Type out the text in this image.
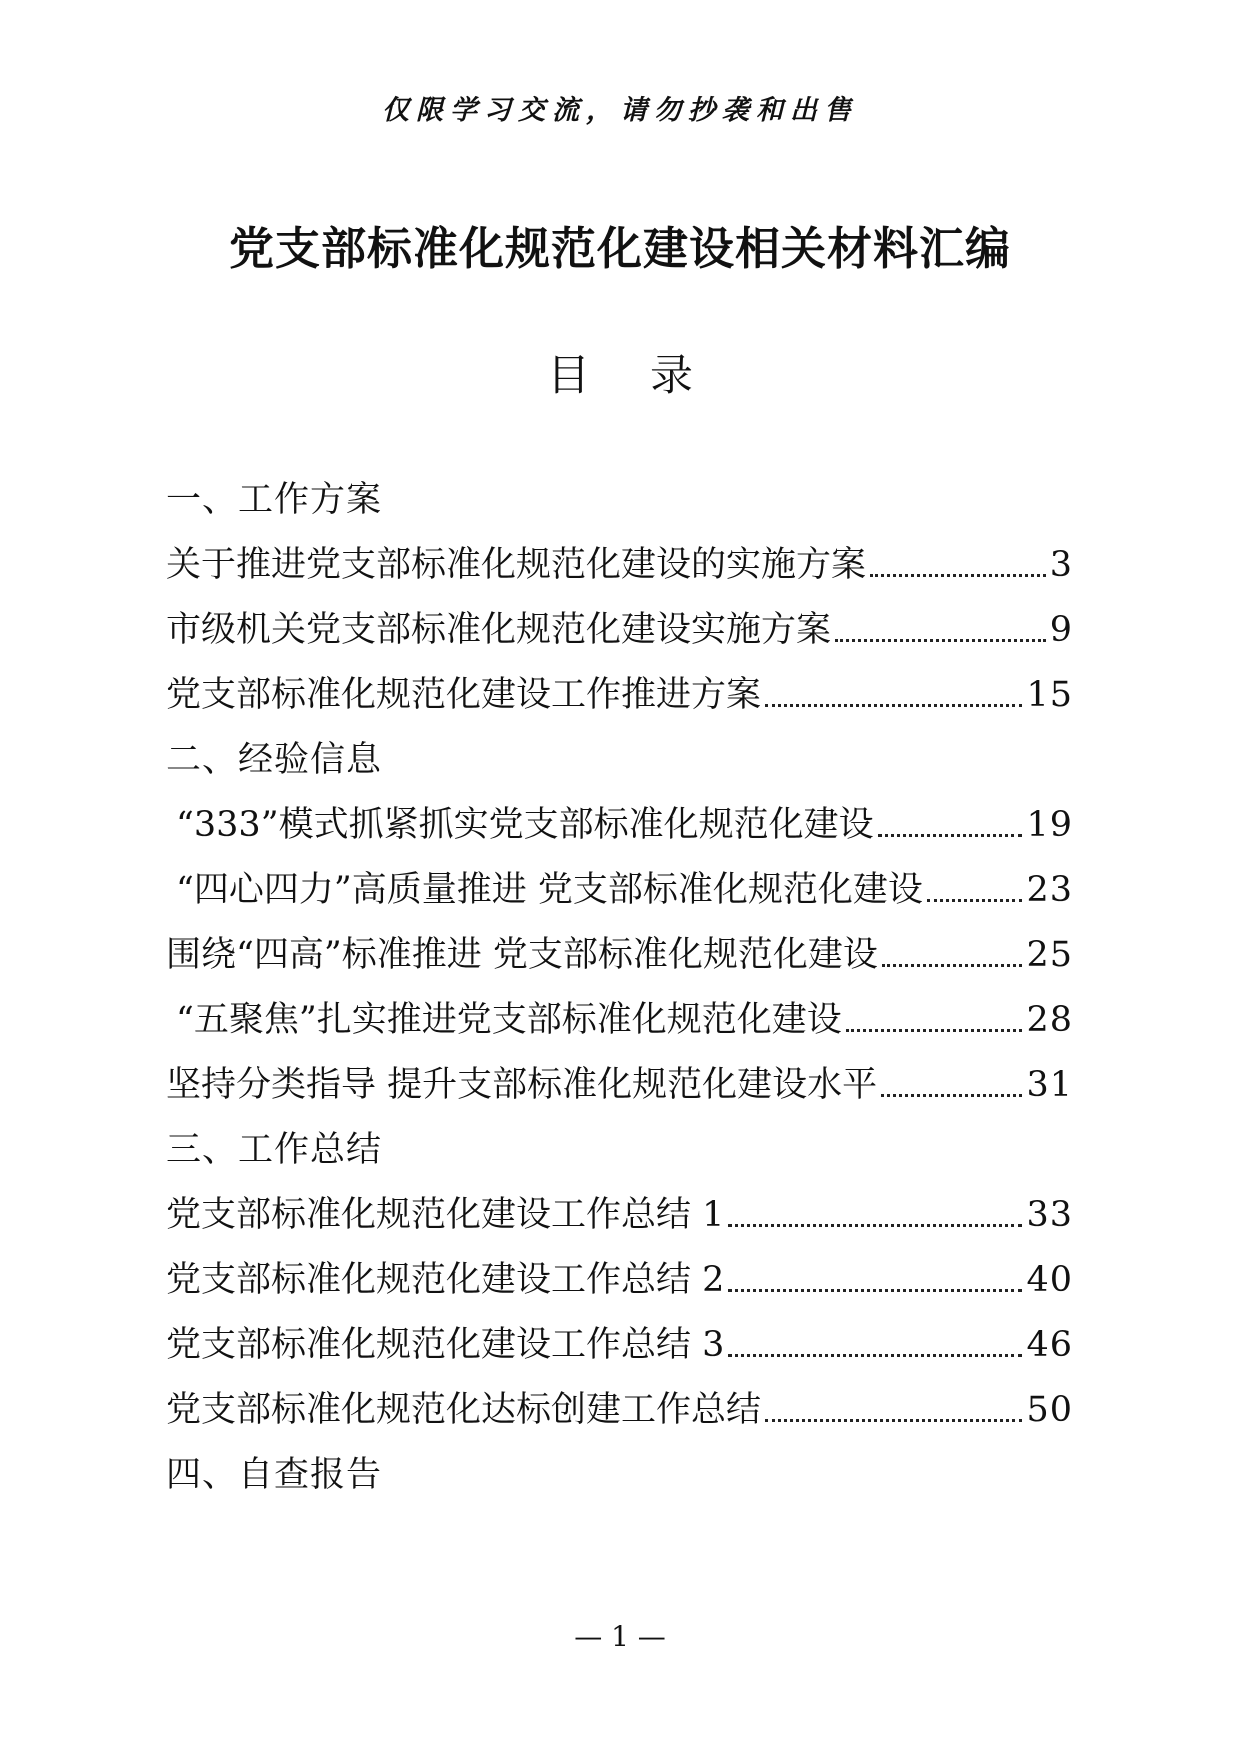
仅限学习交流，请勿抄袭和出售
党支部标准化规范化建设相关材料汇编
目录
一、工作方案
关于推进党支部标准化规范化建设的实施方案	3
市级机关党支部标准化规范化建设实施方案	9
党支部标准化规范化建设工作推进方案	15
二、经验信息
“333”模式抓紧抓实党支部标准化规范化建设	19
“四心四力”高质量推进 党支部标准化规范化建设	23
围绕“四高”标准推进 党支部标准化规范化建设	25
“五聚焦”扎实推进党支部标准化规范化建设	28
坚持分类指导 提升支部标准化规范化建设水平	31
三、工作总结
党支部标准化规范化建设工作总结 1	33
党支部标准化规范化建设工作总结 2	40
党支部标准化规范化建设工作总结 3	46
党支部标准化规范化达标创建工作总结	50
四、自查报告
— 1 —
